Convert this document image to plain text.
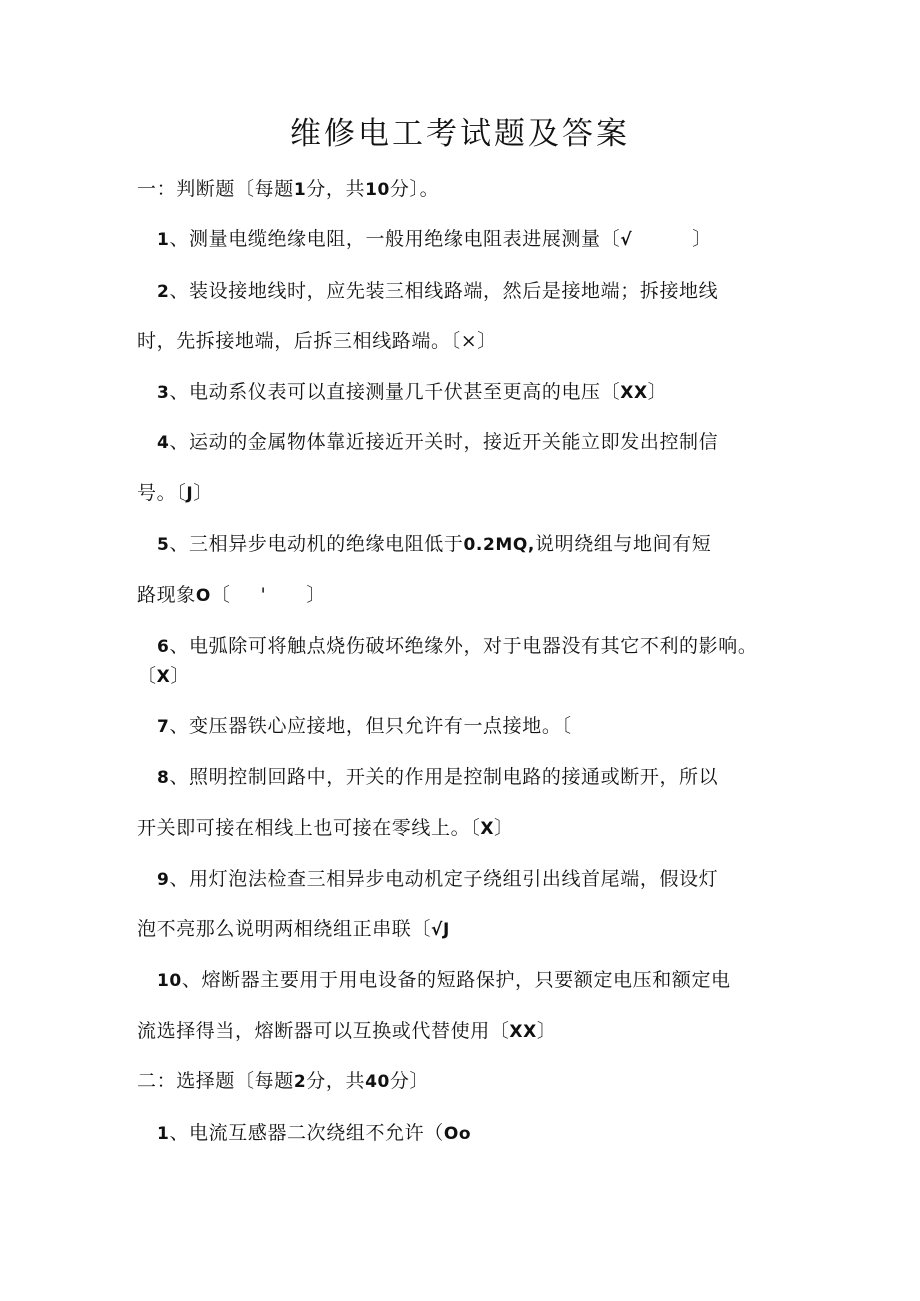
维修电工考试题及答案
一：判断题〔每题1分，共10分〕。
1、测量电缆绝缘电阻，一般用绝缘电阻表进展测量〔√	〕
2、装设接地线时，应先装三相线路端，然后是接地端；拆接地线
时，先拆接地端，后拆三相线路端。〔×〕
3、电动系仪表可以直接测量几千伏甚至更高的电压〔XX〕
4、运动的金属物体靠近接近开关时，接近开关能立即发出控制信
号。〔J〕
5、三相异步电动机的绝缘电阻低于0.2MQ,说明绕组与地间有短
路现象O〔 ' 〕
6、电弧除可将触点烧伤破坏绝缘外，对于电器没有其它不利的影响。
〔X〕
7、变压器铁心应接地，但只允许有一点接地。〔
8、照明控制回路中，开关的作用是控制电路的接通或断开，所以
开关即可接在相线上也可接在零线上。〔X〕
9、用灯泡法检查三相异步电动机定子绕组引出线首尾端，假设灯
泡不亮那么说明两相绕组正串联〔√J
10、熔断器主要用于用电设备的短路保护，只要额定电压和额定电
流选择得当，熔断器可以互换或代替使用〔XX〕
二：选择题〔每题2分，共40分〕
1、电流互感器二次绕组不允许（Oo
